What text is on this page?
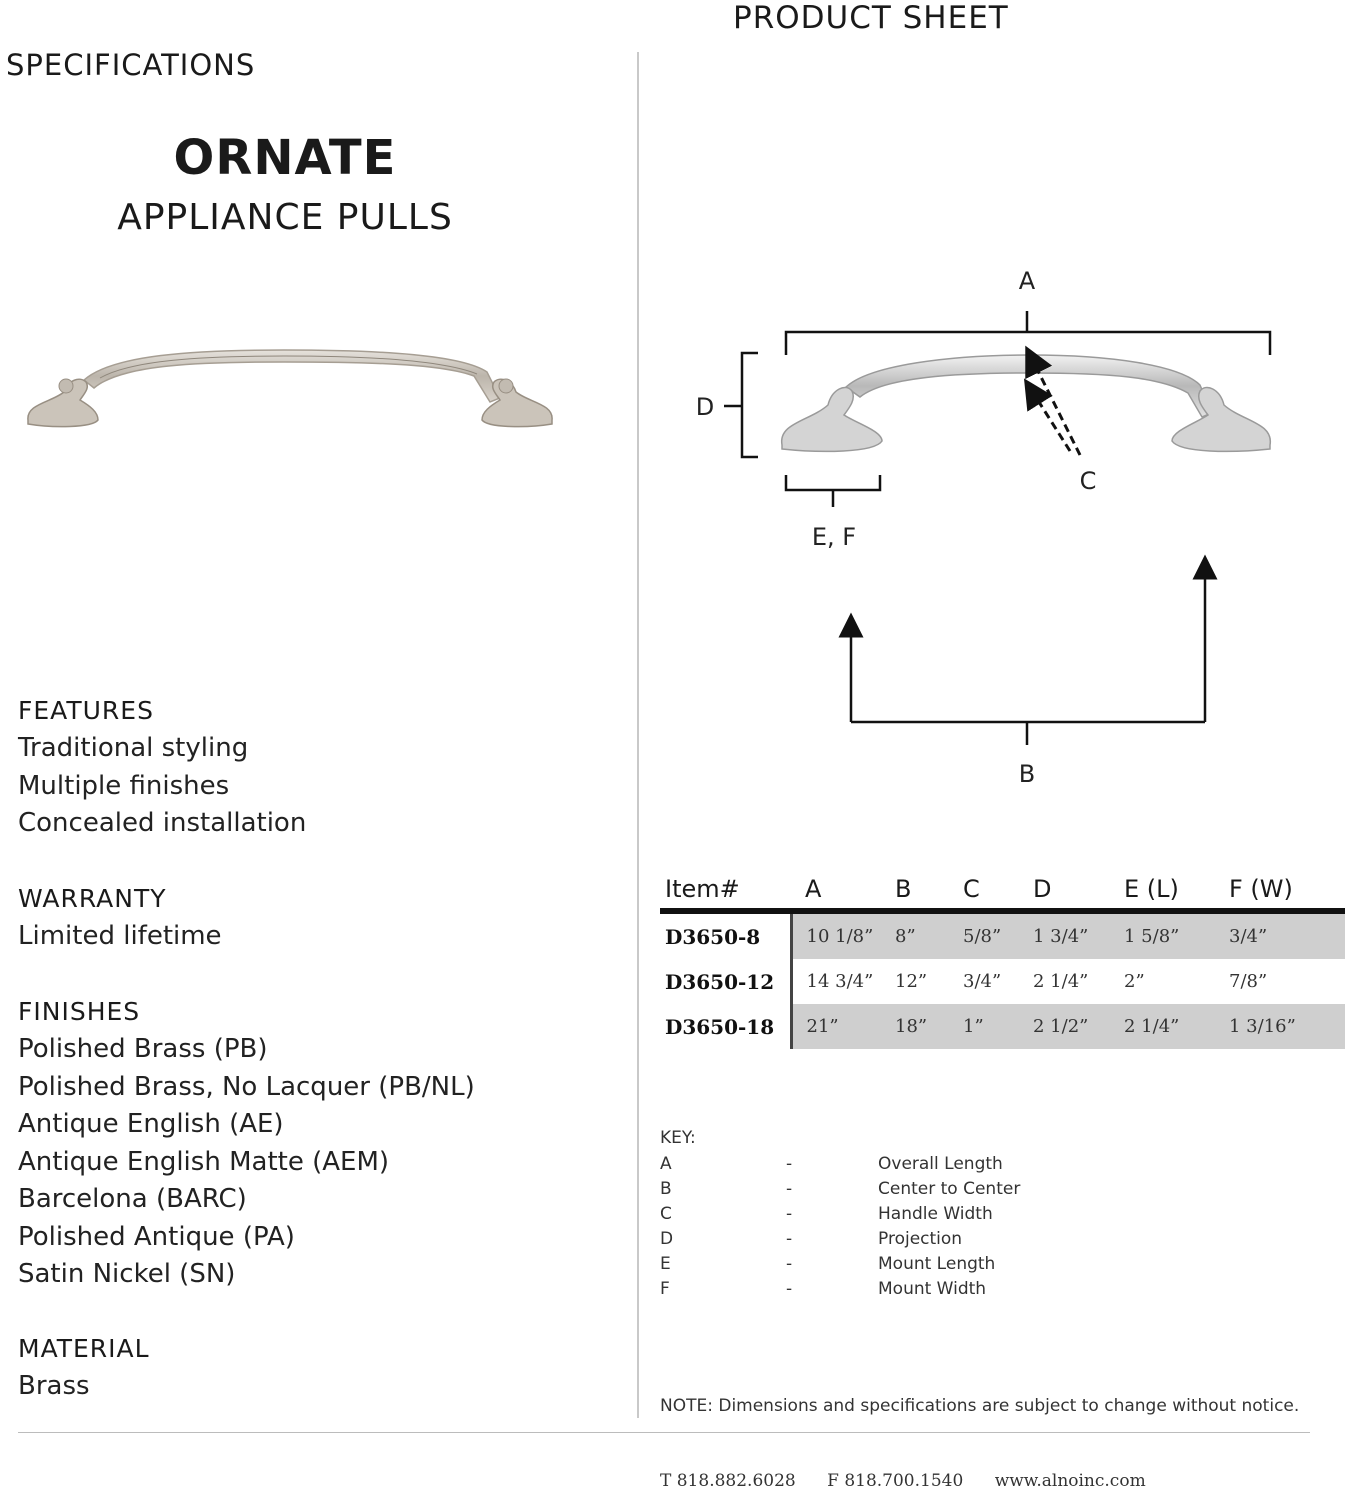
PRODUCT SHEET
SPECIFICATIONS
ORNATE
APPLIANCE PULLS
A
D
C
E, F
B
FEATURES
Traditional styling
Multiple finishes
Concealed installation
WARRANTY
Limited lifetime
FINISHES
Polished Brass (PB)
Polished Brass, No Lacquer (PB/NL)
Antique English (AE)
Antique English Matte (AEM)
Barcelona (BARC)
Polished Antique (PA)
Satin Nickel (SN)
MATERIAL
Brass
Item#	A	B	C	D	E (L)	F (W)
D3650-8	10 1/8”	8”	5/8”	1 3/4”	1 5/8”	3/4”
D3650-12	14 3/4”	12”	3/4”	2 1/4”	2”	7/8”
D3650-18	21”	18”	1”	2 1/2”	2 1/4”	1 3/16”
KEY:
A	-	Overall Length
B	-	Center to Center
C	-	Handle Width
D	-	Projection
E	-	Mount Length
F	-	Mount Width
NOTE: Dimensions and specifications are subject to change without notice.
T 818.882.6028 F 818.700.1540 www.alnoinc.com
